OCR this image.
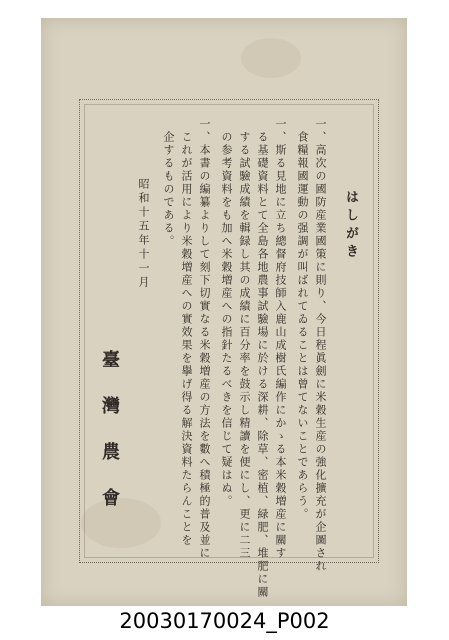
はしがき
一、高次の國防産業國策に則り、今日程眞劍に米穀生産の強化擴充が企圖され
　食糧報國運動の强調が叫ばれてゐることは曾てないことであらう。
一、斯る見地に立ち總督府技師入鹿山成樹氏編作にかゝる本米穀増産に關す
　る基礎資料とて全島各地農事試驗場に於ける深耕、除草、密植、緑肥、堆肥に關
　する試驗成績を輯録し其の成績に百分率を鼓示し精讀を便にし、更に二三
　の参考資料をも加へ米穀増産への指針たるべきを信じて疑はぬ。
一、本書の編纂よりして刻下切實なる米穀増産の方法を數へ積極的普及並に
　これが活用により米穀増産への實效果を擧げ得る解決資料たらんことを
　企するものである。
昭和十五年十一月
臺灣農會
20030170024_P002
